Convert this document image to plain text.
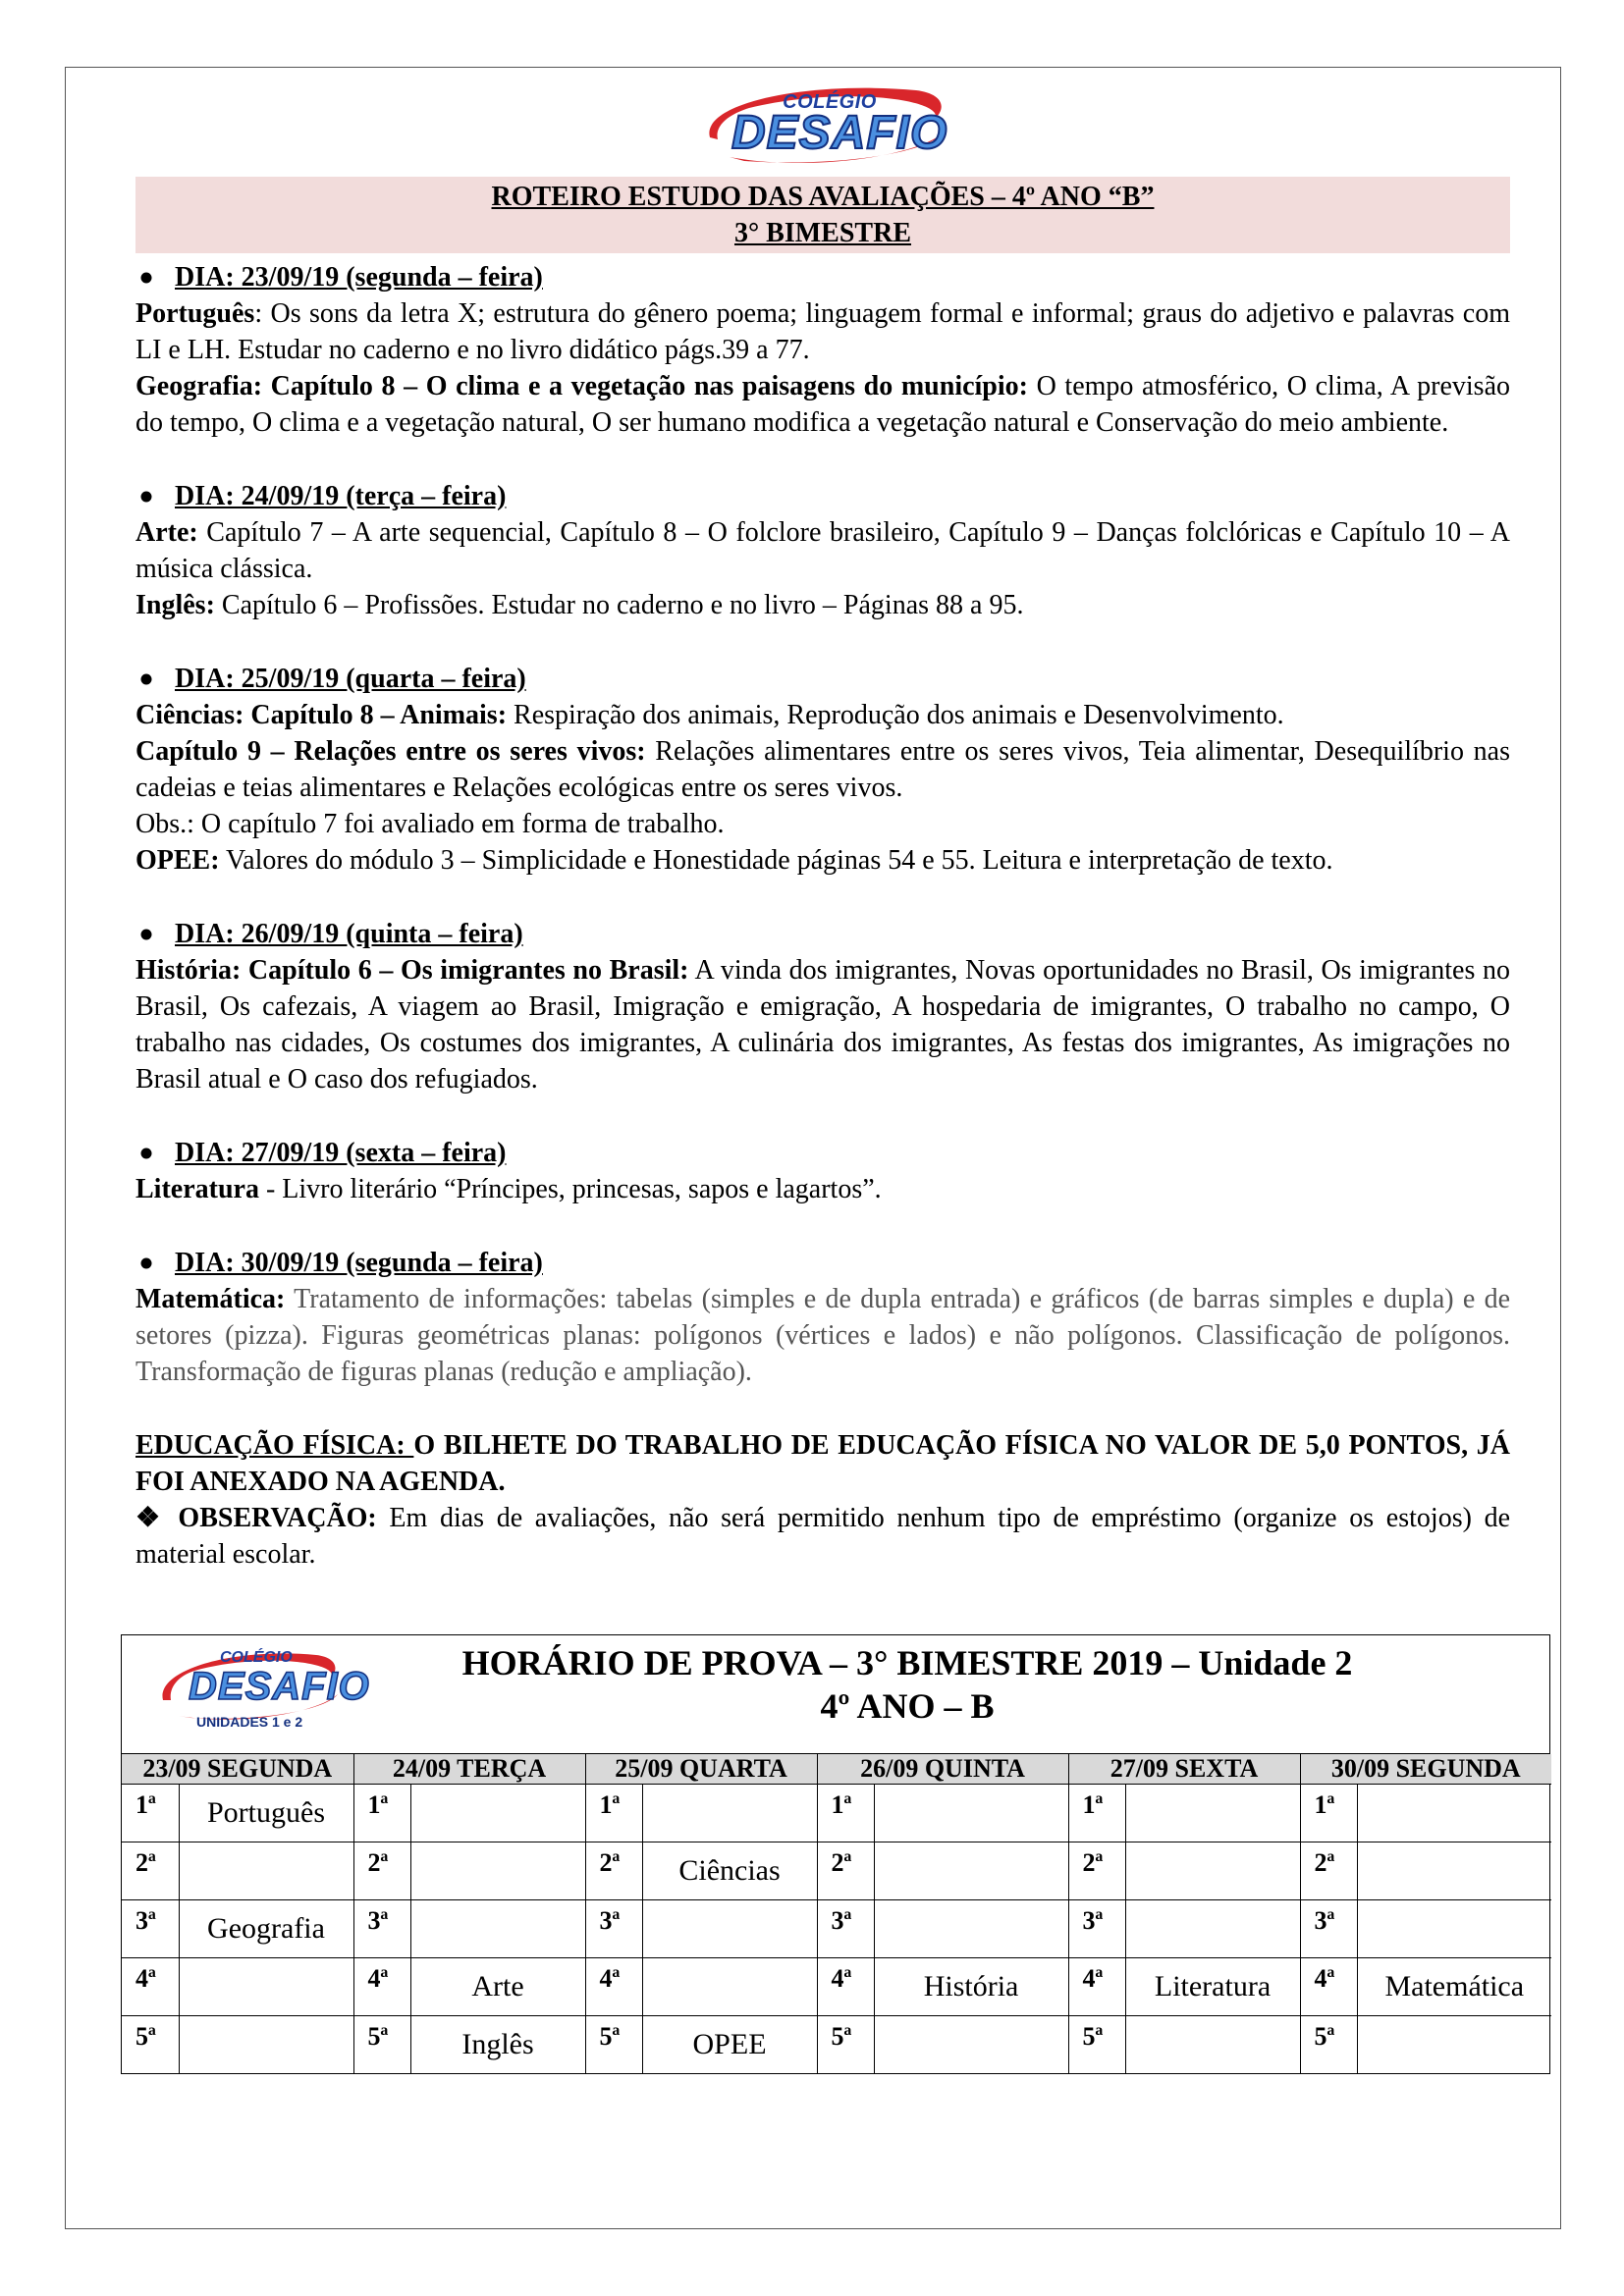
COLÉGIO
DESAFIO
ROTEIRO ESTUDO DAS AVALIAÇÕES – 4º ANO “B”
3° BIMESTRE
DIA: 23/09/19 (segunda – feira)

Português: Os sons da letra X; estrutura do gênero poema; linguagem formal e informal; graus do adjetivo e palavras com LI e LH. Estudar no caderno e no livro didático págs.39 a 77.

Geografia: Capítulo 8 – O clima e a vegetação nas paisagens do município: O tempo atmosférico, O clima, A previsão do tempo, O clima e a vegetação natural, O ser humano modifica a vegetação natural e Conservação do meio ambiente.

DIA: 24/09/19 (terça – feira)

Arte: Capítulo 7 – A arte sequencial, Capítulo 8 – O folclore brasileiro, Capítulo 9 – Danças folclóricas e Capítulo 10 – A música clássica.

Inglês: Capítulo 6 – Profissões. Estudar no caderno e no livro – Páginas 88 a 95.

DIA: 25/09/19 (quarta – feira)

Ciências: Capítulo 8 – Animais: Respiração dos animais, Reprodução dos animais e Desenvolvimento.

Capítulo 9 – Relações entre os seres vivos: Relações alimentares entre os seres vivos, Teia alimentar, Desequilíbrio nas cadeias e teias alimentares e Relações ecológicas entre os seres vivos.

Obs.: O capítulo 7 foi avaliado em forma de trabalho.

OPEE: Valores do módulo 3 – Simplicidade e Honestidade páginas 54 e 55. Leitura e interpretação de texto.

DIA: 26/09/19 (quinta – feira)

História: Capítulo 6 – Os imigrantes no Brasil: A vinda dos imigrantes, Novas oportunidades no Brasil, Os imigrantes no Brasil, Os cafezais, A viagem ao Brasil, Imigração e emigração, A hospedaria de imigrantes, O trabalho no campo, O trabalho nas cidades, Os costumes dos imigrantes, A culinária dos imigrantes, As festas dos imigrantes, As imigrações no Brasil atual e O caso dos refugiados.

DIA: 27/09/19 (sexta – feira)

Literatura - Livro literário “Príncipes, princesas, sapos e lagartos”.

DIA: 30/09/19 (segunda – feira)

Matemática: Tratamento de informações: tabelas (simples e de dupla entrada) e gráficos (de barras simples e dupla) e de setores (pizza). Figuras geométricas planas: polígonos (vértices e lados) e não polígonos. Classificação de polígonos. Transformação de figuras planas (redução e ampliação).

EDUCAÇÃO FÍSICA: O BILHETE DO TRABALHO DE EDUCAÇÃO FÍSICA NO VALOR DE 5,0 PONTOS, JÁ FOI ANEXADO NA AGENDA.

❖ OBSERVAÇÃO: Em dias de avaliações, não será permitido nenhum tipo de empréstimo (organize os estojos) de material escolar.

COLÉGIO
DESAFIO
UNIDADES 1 e 2
HORÁRIO DE PROVA – 3° BIMESTRE 2019 – Unidade 2
4º ANO – B
23/09 SEGUNDA		24/09 TERÇA		25/09 QUARTA		26/09 QUINTA		27/09 SEXTA		30/09 SEGUNDA	
1ª	Português	1ª		1ª		1ª		1ª		1ª	
2ª		2ª		2ª	Ciências	2ª		2ª		2ª	
3ª	Geografia	3ª		3ª		3ª		3ª		3ª	
4ª		4ª	Arte	4ª		4ª	História	4ª	Literatura	4ª	Matemática
5ª		5ª	Inglês	5ª	OPEE	5ª		5ª		5ª	
